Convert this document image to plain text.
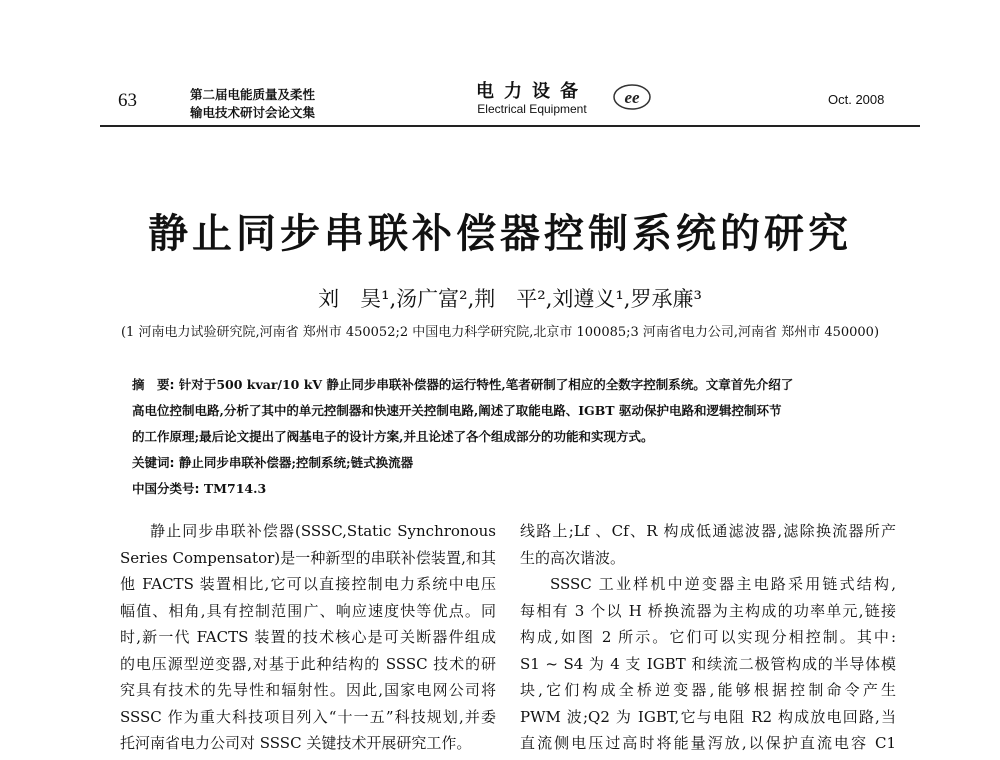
63	第二届电能质量及柔性
输电技术研讨会论文集
电力设备
Electrical Equipment
ee	Oct. 2008
静止同步串联补偿器控制系统的研究
刘　昊¹,汤广富²,荆　平²,刘遵义¹,罗承廉³
(1 河南电力试验研究院,河南省 郑州市 450052;2 中国电力科学研究院,北京市 100085;3 河南省电力公司,河南省 郑州市 450000)
摘　要: 针对于500 kvar/10 kV 静止同步串联补偿器的运行特性,笔者研制了相应的全数字控制系统。文章首先介绍了
高电位控制电路,分析了其中的单元控制器和快速开关控制电路,阐述了取能电路、IGBT 驱动保护电路和逻辑控制环节
的工作原理;最后论文提出了阀基电子的设计方案,并且论述了各个组成部分的功能和实现方式。
关键词: 静止同步串联补偿器;控制系统;链式换流器
中国分类号: TM714.3
静止同步串联补偿器(SSSC,Static Synchronous
Series Compensator)是一种新型的串联补偿装置,和其
他 FACTS 装置相比,它可以直接控制电力系统中电压
幅值、相角,具有控制范围广、响应速度快等优点。同
时,新一代 FACTS 装置的技术核心是可关断器件组成
的电压源型逆变器,对基于此种结构的 SSSC 技术的研
究具有技术的先导性和辐射性。因此,国家电网公司将
SSSC 作为重大科技项目列入“十一五”科技规划,并委
托河南省电力公司对 SSSC 关键技术开展研究工作。
线路上;Lf 、Cf、R 构成低通滤波器,滤除换流器所产
生的高次谐波。
SSSC 工业样机中逆变器主电路采用链式结构,
每相有 3 个以 H 桥换流器为主构成的功率单元,链接
构成,如图 2 所示。它们可以实现分相控制。其中:
S1 ~ S4 为 4 支 IGBT 和续流二极管构成的半导体模
块,它们构成全桥逆变器,能够根据控制命令产生
PWM 波;Q2 为 IGBT,它与电阻 R2 构成放电回路,当
直流侧电压过高时将能量泻放,以保护直流电容 C1
